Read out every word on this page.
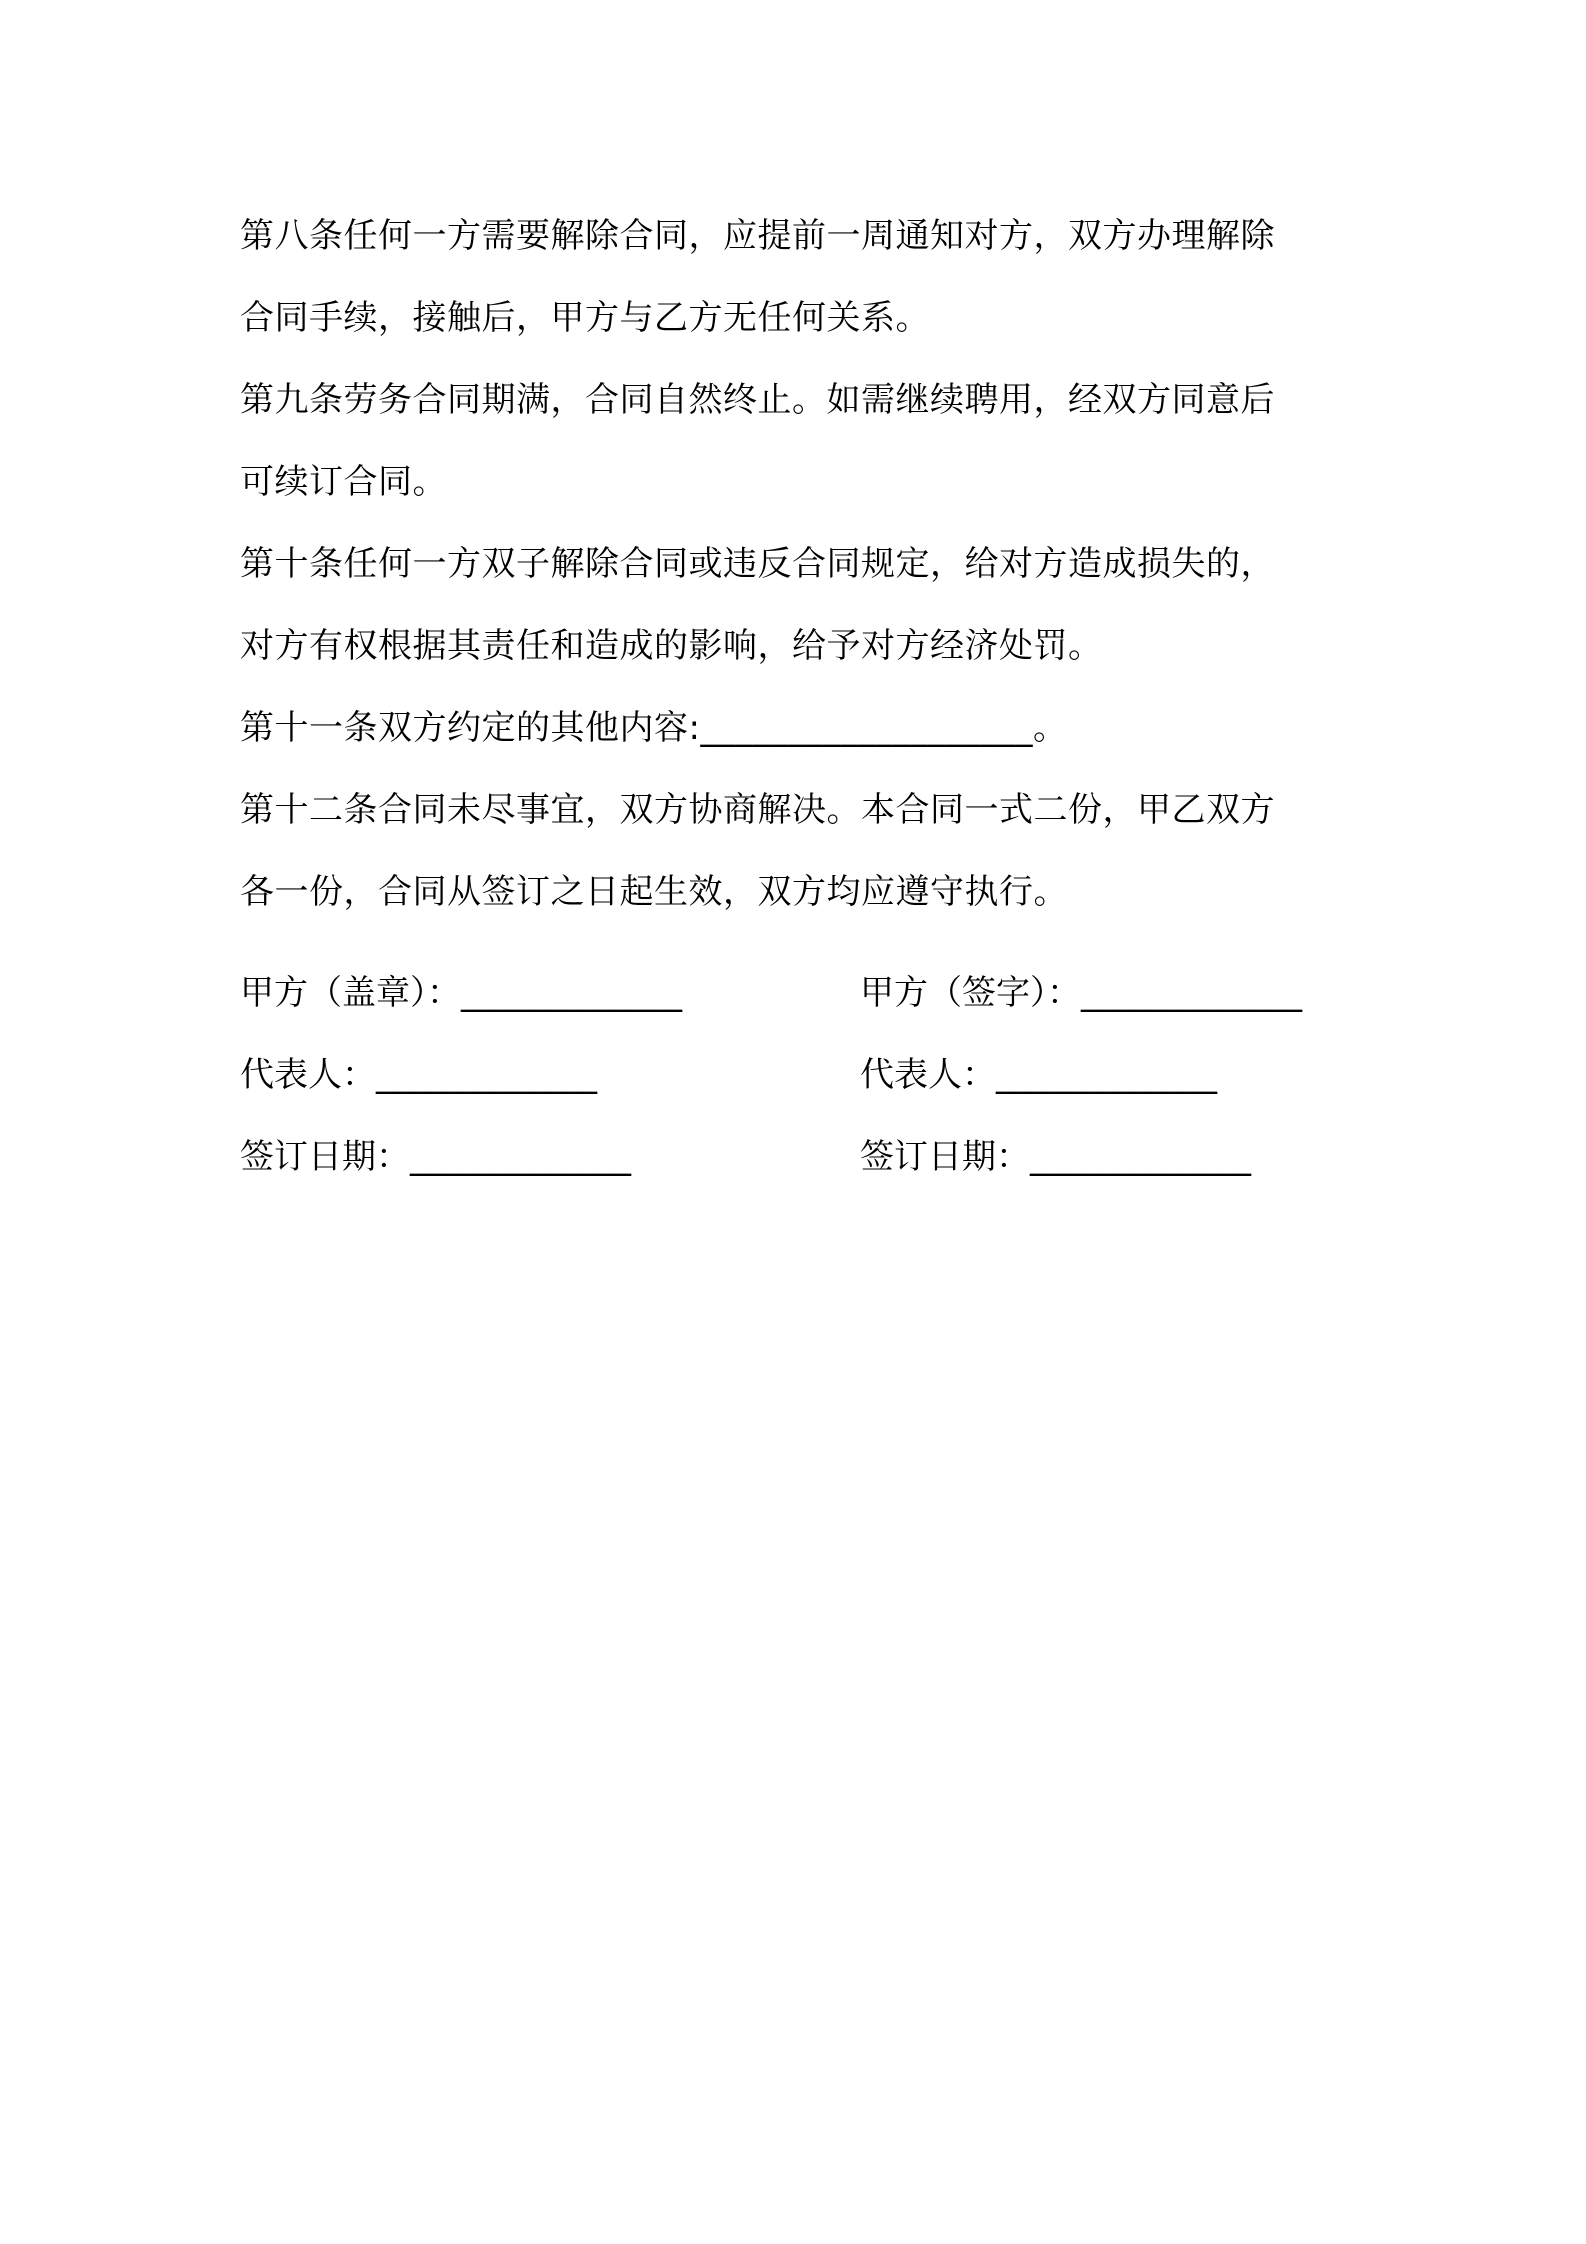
第八条任何一方需要解除合同，应提前一周通知对方，双方办理解除

合同手续，接触后，甲方与乙方无任何关系。

第九条劳务合同期满，合同自然终止。如需继续聘用，经双方同意后

可续订合同。

第十条任何一方双子解除合同或违反合同规定，给对方造成损失的，

对方有权根据其责任和造成的影响，给予对方经济处罚。

第十一条双方约定的其他内容:___________________。

第十二条合同未尽事宜，双方协商解决。本合同一式二份，甲乙双方

各一份，合同从签订之日起生效，双方均应遵守执行。

甲方（盖章）：_____________	甲方（签字）：_____________
代表人：_____________	代表人：_____________
签订日期：_____________	签订日期：_____________
